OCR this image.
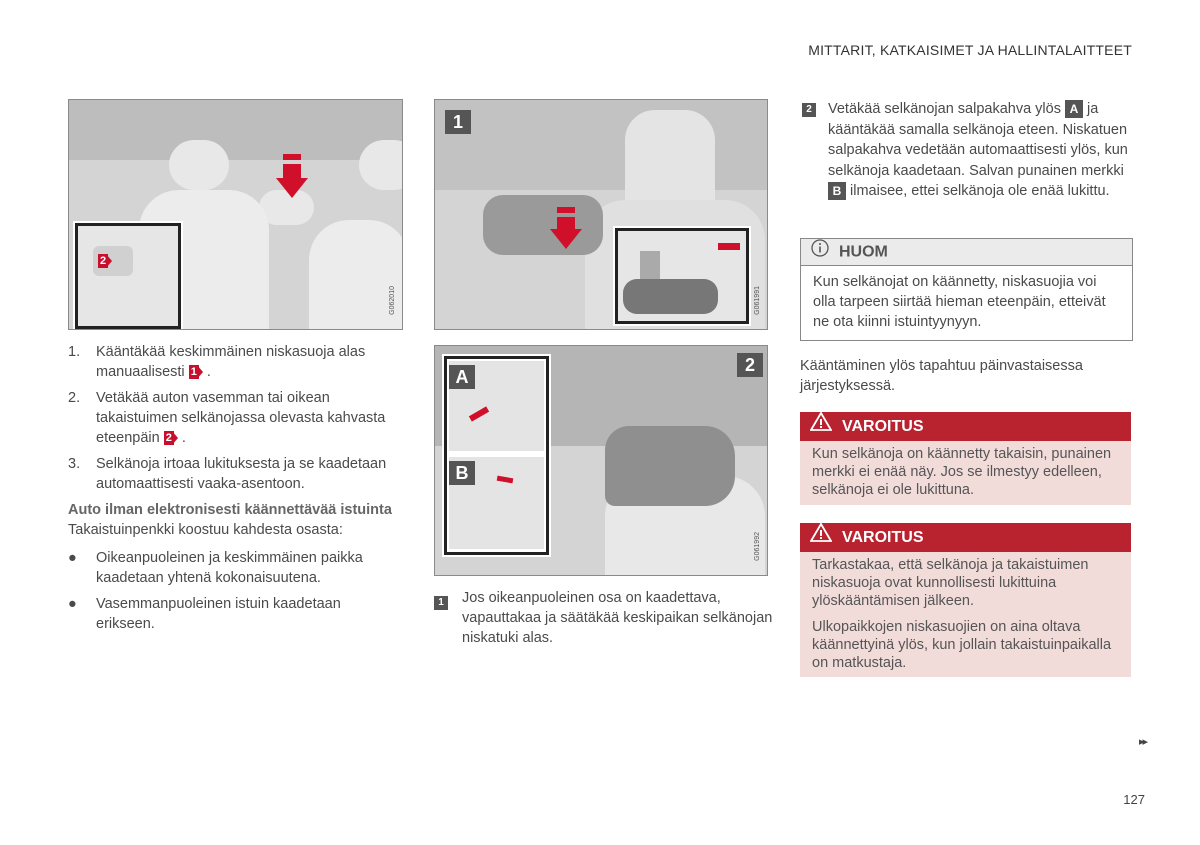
MITTARIT, KATKAISIMET JA HALLINTALAITTEET
2
G062010
1
G061991
2
A
B
G061992
1. Kääntäkää keskimmäinen niskasuoja alas manuaalisesti 1 .
2. Vetäkää auton vasemman tai oikean takaistuimen selkänojassa olevasta kahvasta eteenpäin 2 .
3. Selkänoja irtoaa lukituksesta ja se kaadetaan automaattisesti vaaka-asentoon.
Auto ilman elektronisesti käännettävää istuinta
Takaistuinpenkki koostuu kahdesta osasta:
● Oikeanpuoleinen ja keskimmäinen paikka kaadetaan yhtenä kokonaisuutena.
● Vasemmanpuoleinen istuin kaadetaan erikseen.
1 Jos oikeanpuoleinen osa on kaadettava, vapauttakaa ja säätäkää keskipaikan selkänojan niskatuki alas.
2 Vetäkää selkänojan salpakahva ylös A ja kääntäkää samalla selkänoja eteen. Niskatuen salpakahva vedetään automaattisesti ylös, kun selkänoja kaadetaan. Salvan punainen merkki B ilmaisee, ettei selkänoja ole enää lukittu.
HUOM
Kun selkänojat on käännetty, niskasuojia voi olla tarpeen siirtää hieman eteenpäin, etteivät ne ota kiinni istuintyynyyn.
Kääntäminen ylös tapahtuu päinvastaisessa järjestyksessä.
VAROITUS

Kun selkänoja on käännetty takaisin, punainen merkki ei enää näy. Jos se ilmestyy edelleen, selkänoja ei ole lukittuna.

VAROITUS

Tarkastakaa, että selkänoja ja takaistuimen niskasuoja ovat kunnollisesti lukittuina ylöskääntämisen jälkeen.

Ulkopaikkojen niskasuojien on aina oltava käännettyinä ylös, kun jollain takaistuinpaikalla on matkustaja.

▸▸
127
